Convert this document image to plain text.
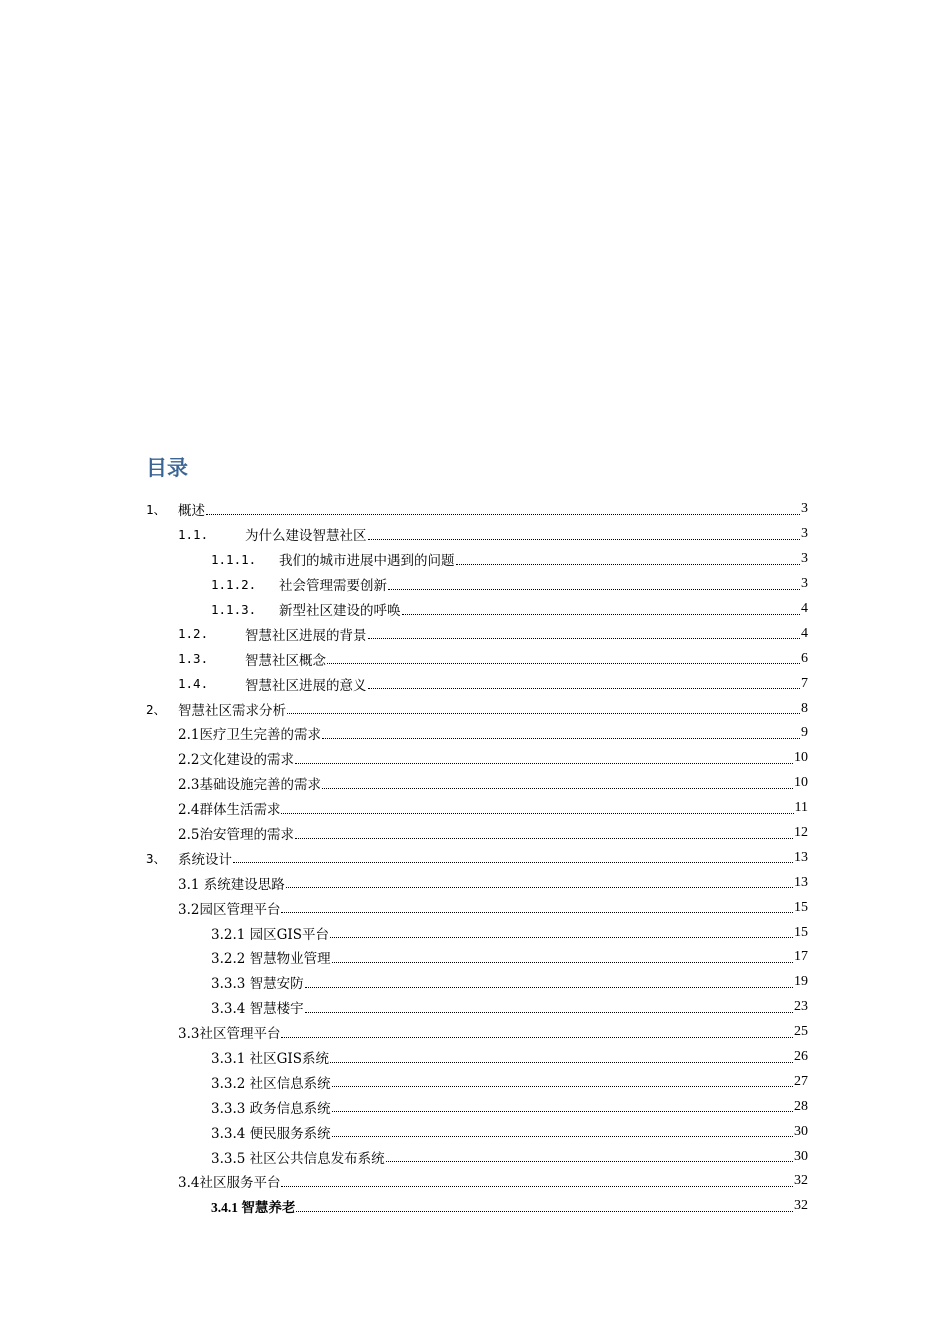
目录
1、 概述	3
1.1.	为什么建设智慧社区	3
1.1.1.	我们的城市进展中遇到的问题	3
1.1.2.	社会管理需要创新	3
1.1.3.	新型社区建设的呼唤	4
1.2.	智慧社区进展的背景	4
1.3.	智慧社区概念	6
1.4.	智慧社区进展的意义	7
2、 智慧社区需求分析	8
2.1医疗卫生完善的需求	9
2.2文化建设的需求	10
2.3基础设施完善的需求	10
2.4群体生活需求	11
2.5治安管理的需求	12
3、 系统设计	13
3.1 系统建设思路	13
3.2园区管理平台	15
3.2.1 园区GIS平台	15
3.2.2 智慧物业管理	17
3.3.3 智慧安防	19
3.3.4 智慧楼宇	23
3.3社区管理平台	25
3.3.1 社区GIS系统	26
3.3.2 社区信息系统	27
3.3.3 政务信息系统	28
3.3.4 便民服务系统	30
3.3.5 社区公共信息发布系统	30
3.4社区服务平台	32
3.4.1 智慧养老	32
